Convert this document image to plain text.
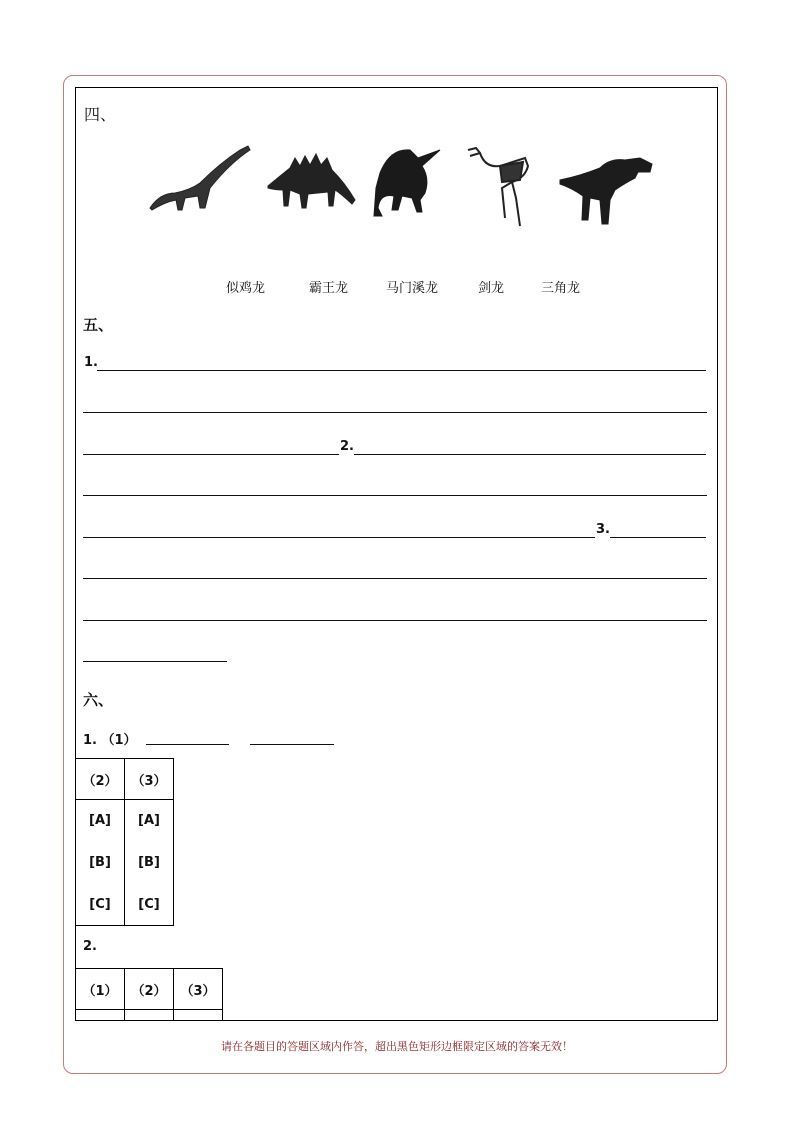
四、
似鸡龙	霸王龙	马门溪龙	剑龙	三角龙
五、
1.
2.
3.
六、
1. （1）
（2）	（3）
[A]	[A]
[B]	[B]
[C]	[C]
2.
（1）	（2）	（3）

请在各题目的答题区域内作答，超出黑色矩形边框限定区域的答案无效！
